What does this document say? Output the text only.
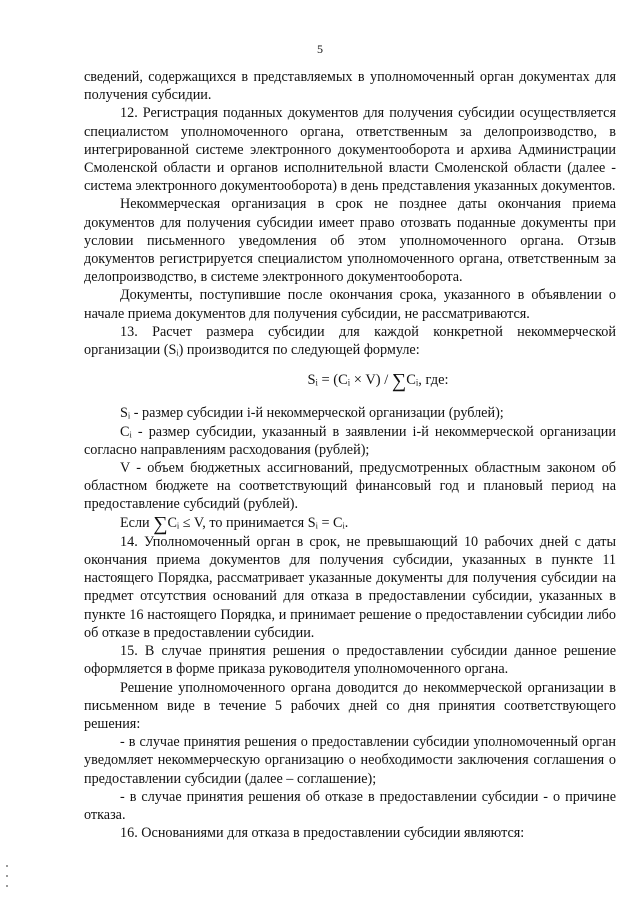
5

сведений, содержащихся в представляемых в уполномоченный орган документах для получения субсидии.

12. Регистрация поданных документов для получения субсидии осуществляется специалистом уполномоченного органа, ответственным за делопроизводство, в интегрированной системе электронного документооборота и архива Администрации Смоленской области и органов исполнительной власти Смоленской области (далее - система электронного документооборота) в день представления указанных документов.

Некоммерческая организация в срок не позднее даты окончания приема документов для получения субсидии имеет право отозвать поданные документы при условии письменного уведомления об этом уполномоченного органа. Отзыв документов регистрируется специалистом уполномоченного органа, ответственным за делопроизводство, в системе электронного документооборота.

Документы, поступившие после окончания срока, указанного в объявлении о начале приема документов для получения субсидии, не рассматриваются.

13. Расчет размера субсидии для каждой конкретной некоммерческой организации (Sᵢ) производится по следующей формуле:

Sᵢ = (Cᵢ × V) / ∑Cᵢ, где:

Sᵢ - размер субсидии i-й некоммерческой организации (рублей);

Cᵢ - размер субсидии, указанный в заявлении i-й некоммерческой организации согласно направлениям расходования (рублей);

V - объем бюджетных ассигнований, предусмотренных областным законом об областном бюджете на соответствующий финансовый год и плановый период на предоставление субсидий (рублей).

Если ∑Cᵢ ≤ V, то принимается Sᵢ = Cᵢ.

14. Уполномоченный орган в срок, не превышающий 10 рабочих дней с даты окончания приема документов для получения субсидии, указанных в пункте 11 настоящего Порядка, рассматривает указанные документы для получения субсидии на предмет отсутствия оснований для отказа в предоставлении субсидии, указанных в пункте 16 настоящего Порядка, и принимает решение о предоставлении субсидии либо об отказе в предоставлении субсидии.

15. В случае принятия решения о предоставлении субсидии данное решение оформляется в форме приказа руководителя уполномоченного органа.

Решение уполномоченного органа доводится до некоммерческой организации в письменном виде в течение 5 рабочих дней со дня принятия соответствующего решения:

- в случае принятия решения о предоставлении субсидии уполномоченный орган уведомляет некоммерческую организацию о необходимости заключения соглашения о предоставлении субсидии (далее – соглашение);

- в случае принятия решения об отказе в предоставлении субсидии - о причине отказа.

16. Основаниями для отказа в предоставлении субсидии являются:
